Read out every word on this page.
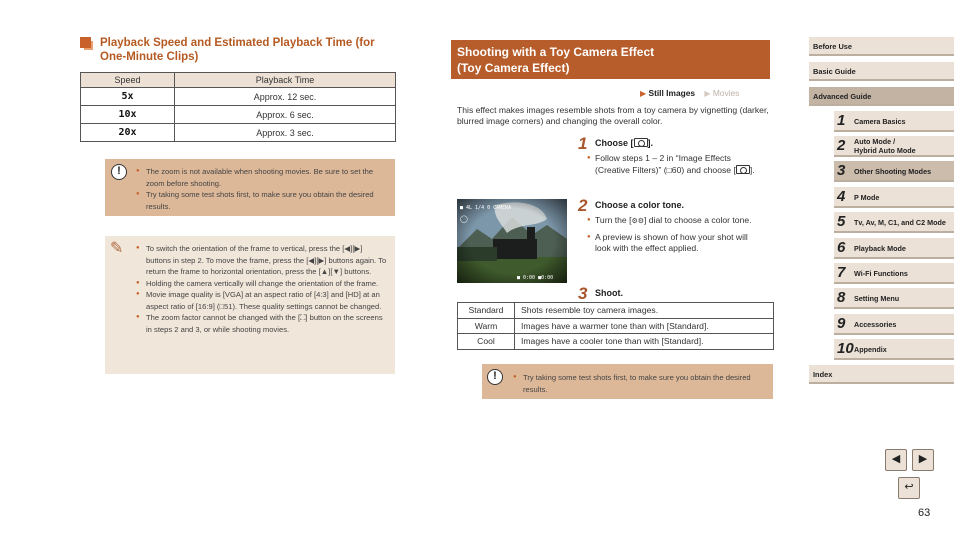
Playback Speed and Estimated Playback Time (for One-Minute Clips)
Speed	Playback Time
5x	Approx. 12 sec.
10x	Approx. 6 sec.
20x	Approx. 3 sec.
!	● The zoom is not available when shooting movies. Be sure to set the zoom before shooting.
● Try taking some test shots first, to make sure you obtain the desired results.
✎	● To switch the orientation of the frame to vertical, press the [◀][▶] buttons in step 2. To move the frame, press the [◀][▶] buttons again. To return the frame to horizontal orientation, press the [▲][▼] buttons.
● Holding the camera vertically will change the orientation of the frame.
● Movie image quality is [VGA] at an aspect ratio of [4:3] and [HD] at an aspect ratio of [16:9] (□51). These quality settings cannot be changed.
● The zoom factor cannot be changed with the [⛶] button on the screens in steps 2 and 3, or while shooting movies.
Shooting with a Toy Camera Effect
(Toy Camera Effect)
▶ Still Images ▶ Movies
This effect makes images resemble shots from a toy camera by vignetting (darker, blurred image corners) and changing the overall color.
1 Choose [ ].
● Follow steps 1 – 2 in “Image Effects (Creative Filters)” (□60) and choose [ ].
■ 4L 1/4 0 CAMERA
◯
■ 0:00 ■0:00
2 Choose a color tone.
● Turn the [⚙⚙] dial to choose a color tone.
● A preview is shown of how your shot will look with the effect applied.
3 Shoot.
Standard	Shots resemble toy camera images.
Warm	Images have a warmer tone than with [Standard].
Cool	Images have a cooler tone than with [Standard].
!	● Try taking some test shots first, to make sure you obtain the desired results.
Before Use
Basic Guide
Advanced Guide
1 Camera Basics
2 Auto Mode /
Hybrid Auto Mode
3 Other Shooting Modes
4 P Mode
5 Tv, Av, M, C1, and C2 Mode
6 Playback Mode
7 Wi-Fi Functions
8 Setting Menu
9 Accessories
10 Appendix
Index
◀	▶
↩
63
